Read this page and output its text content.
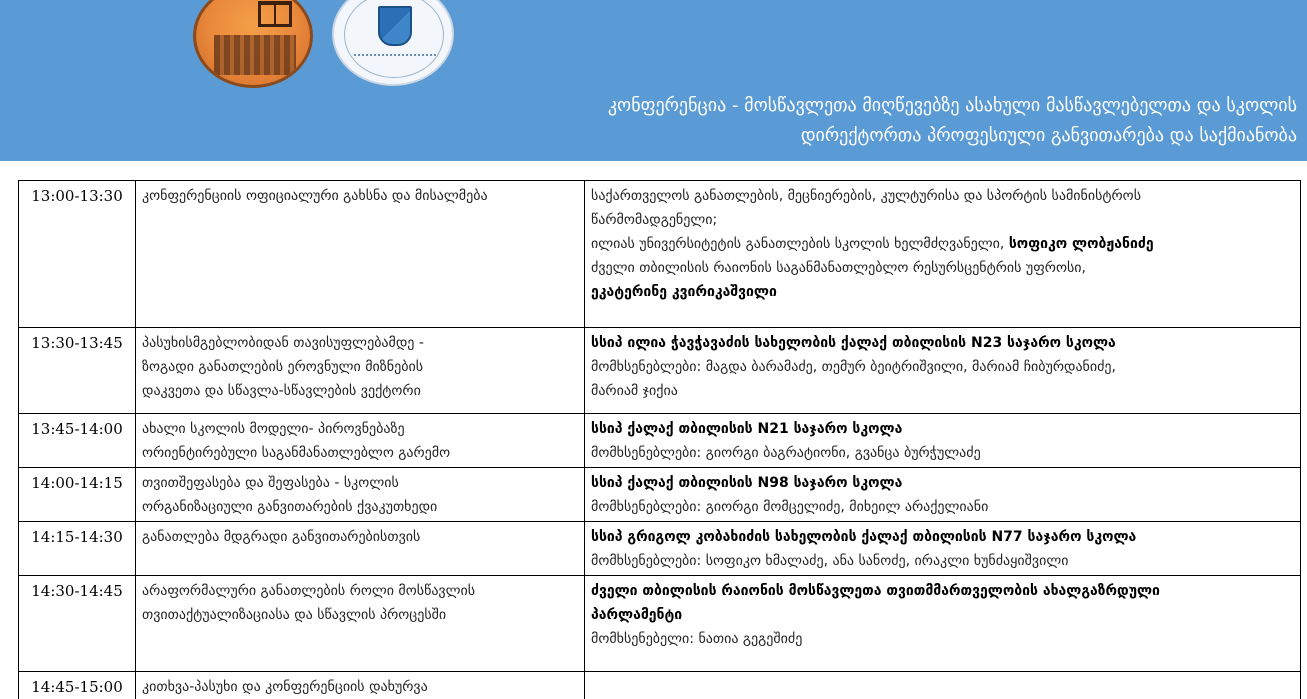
კონფერენცია - მოსწავლეთა მიღწევებზე ასახული მასწავლებელთა და სკოლის
დირექტორთა პროფესიული განვითარება და საქმიანობა
13:00-13:30	კონფერენციის ოფიციალური გახსნა და მისალმება	საქართველოს განათლების, მეცნიერების, კულტურისა და სპორტის სამინისტროს
წარმომადგენელი;
ილიას უნივერსიტეტის განათლების სკოლის ხელმძღვანელი, სოფიკო ლობჟანიძე
ძველი თბილისის რაიონის საგანმანათლებლო რესურსცენტრის უფროსი,
ეკატერინე კვირიკაშვილი

13:30-13:45	პასუხისმგებლობიდან თავისუფლებამდე -
ზოგადი განათლების ეროვნული მიზნების
დაკვეთა და სწავლა-სწავლების ვექტორი	სსიპ ილია ჭავჭავაძის სახელობის ქალაქ თბილისის N23 საჯარო სკოლა
მომხსენებლები: მაგდა ბარამაძე, თემურ ბეიტრიშვილი, მარიამ ჩიბურდანიძე,
მარიამ ჯიქია

13:45-14:00	ახალი სკოლის მოდელი- პიროვნებაზე
ორიენტირებული საგანმანათლებლო გარემო	სსიპ ქალაქ თბილისის N21 საჯარო სკოლა
მომხსენებლები: გიორგი ბაგრატიონი, გვანცა ბურჭულაძე

14:00-14:15	თვითშეფასება და შეფასება - სკოლის
ორგანიზაციული განვითარების ქვაკუთხედი	სსიპ ქალაქ თბილისის N98 საჯარო სკოლა
მომხსენებლები: გიორგი მომცელიძე, მიხეილ არაქელიანი

14:15-14:30	განათლება მდგრადი განვითარებისთვის	სსიპ გრიგოლ კობახიძის სახელობის ქალაქ თბილისის N77 საჯარო სკოლა
მომხსენებლები: სოფიკო ხმალაძე, ანა სანოძე, ირაკლი ხუნძაყიშვილი

14:30-14:45	არაფორმალური განათლების როლი მოსწავლის
თვითაქტუალიზაციასა და სწავლის პროცესში	ძველი თბილისის რაიონის მოსწავლეთა თვითმმართველობის ახალგაზრდული
პარლამენტი
მომხსენებელი: ნათია გეგეშიძე

14:45-15:00	კითხვა-პასუხი და კონფერენციის დახურვა	
